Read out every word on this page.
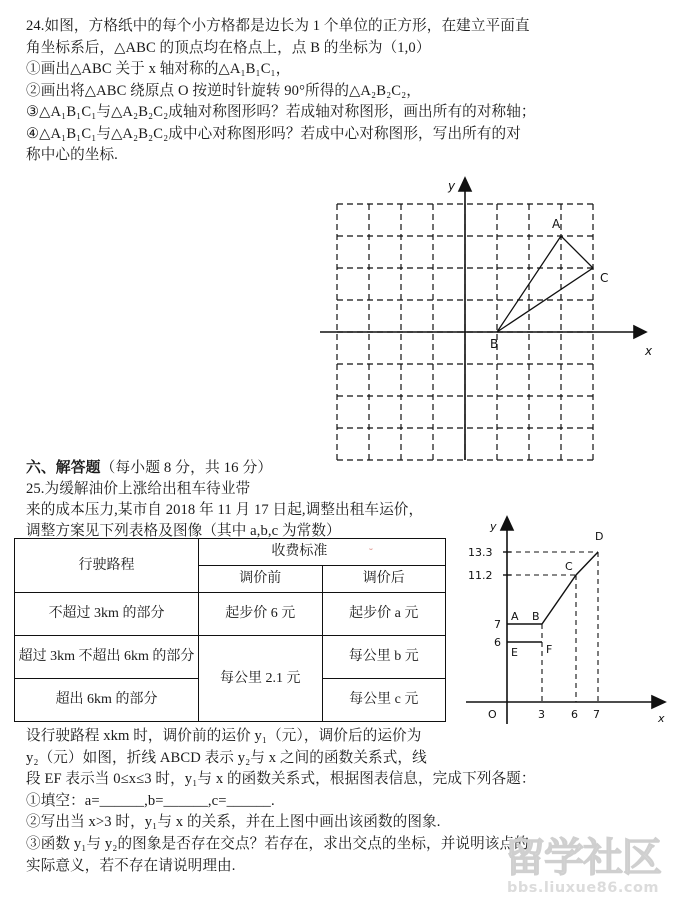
24.如图，方格纸中的每个小方格都是边长为 1 个单位的正方形，在建立平面直
角坐标系后，△ABC 的顶点均在格点上，点 B 的坐标为（1,0）
①画出△ABC 关于 x 轴对称的△A₁B₁C₁，
②画出将△ABC 绕原点 O 按逆时针旋转 90°所得的△A₂B₂C₂，
③△A₁B₁C₁与△A₂B₂C₂成轴对称图形吗？若成轴对称图形，画出所有的对称轴；
④△A₁B₁C₁与△A₂B₂C₂成中心对称图形吗？若成中心对称图形，写出所有的对
称中心的坐标.
x
y
A
B
C
六、解答题（每小题 8 分，共 16 分）
25.为缓解油价上涨给出租车待业带
来的成本压力,某市自 2018 年 11 月 17 日起,调整出租车运价，
调整方案见下列表格及图像（其中 a,b,c 为常数）
行驶路程	收费标准               ᵕ	
	调价前	调价后
不超过 3km 的部分	起步价 6 元	起步价 a 元
超过 3km 不超出 6km 的部分	每公里 2.1 元	每公里 b 元
超出 6km 的部分		每公里 c 元
y
x
O
13.3
11.2
7
6
3 6 7
A B
C
D
E	F
设行驶路程 xkm 时，调价前的运价 y₁（元），调价后的运价为
y₂（元）如图，折线 ABCD 表示 y₂与 x 之间的函数关系式，线
段 EF 表示当 0≤x≤3 时，y₁与 x 的函数关系式，根据图表信息，完成下列各题：
①填空：a=______,b=______,c=______.
②写出当 x>3 时，y₁与 x 的关系，并在上图中画出该函数的图象.
③函数 y₁与 y₂的图象是否存在交点？若存在，求出交点的坐标，并说明该点的
实际意义，若不存在请说明理由.	留学社区
bbs.liuxue86.com
